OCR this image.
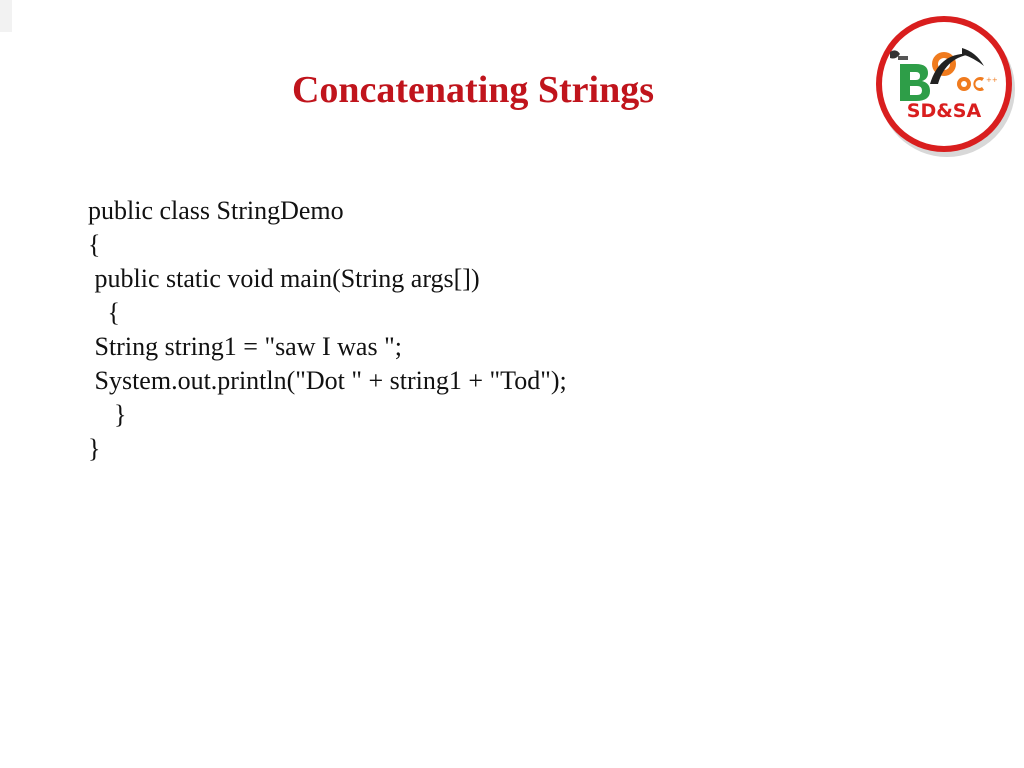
Concatenating Strings
public class StringDemo
{
public static void main(String args[])
{
String string1 = "saw I was ";
System.out.println("Dot " + string1 + "Tod");
}
}
++
SD&SA
